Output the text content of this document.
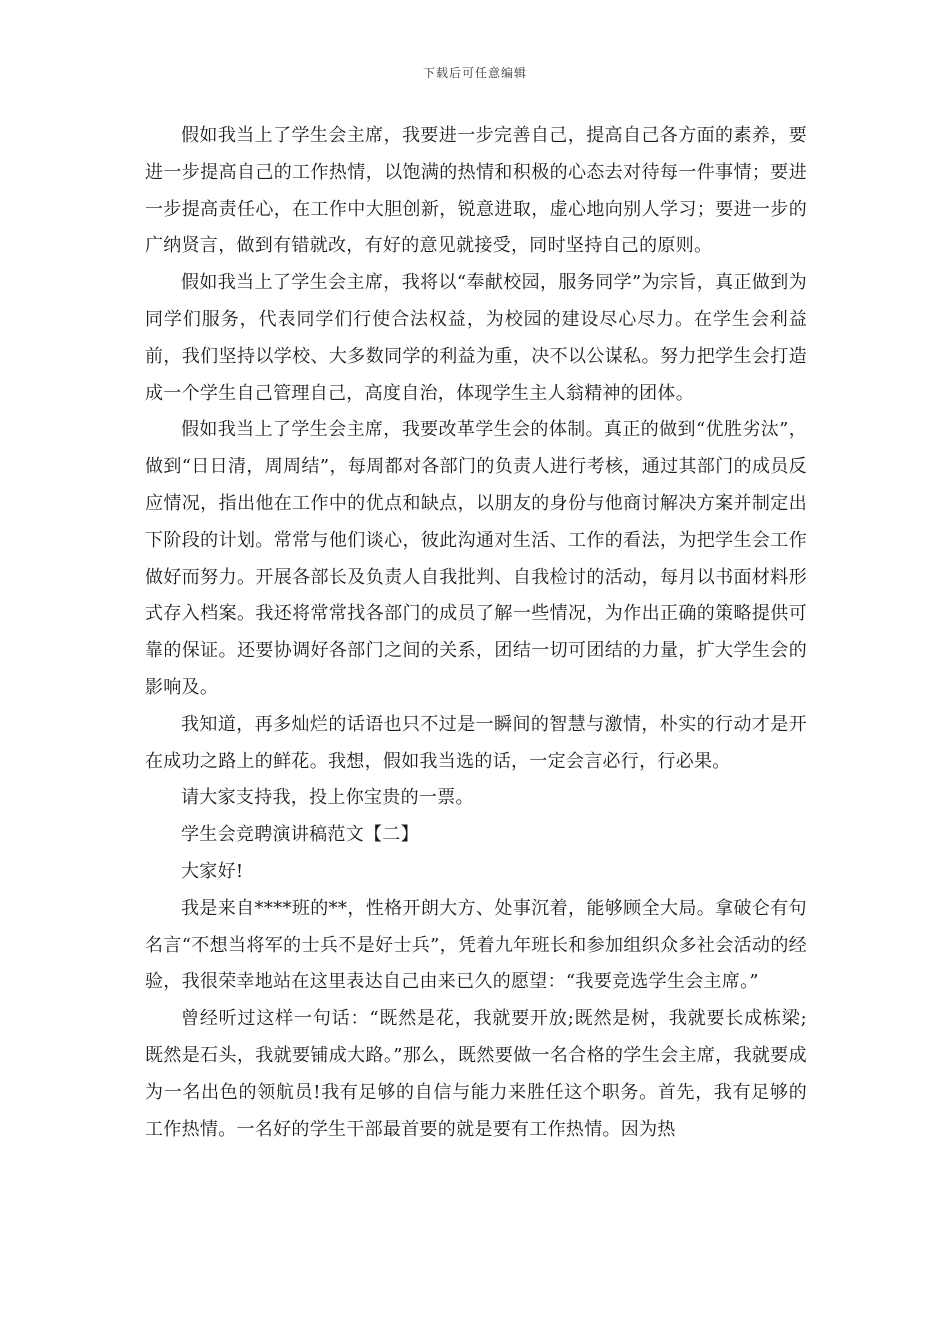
下载后可任意编辑

假如我当上了学生会主席，我要进一步完善自己，提高自己各方面的素养，要进一步提高自己的工作热情，以饱满的热情和积极的心态去对待每一件事情；要进一步提高责任心，在工作中大胆创新，锐意进取，虚心地向别人学习；要进一步的广纳贤言，做到有错就改，有好的意见就接受，同时坚持自己的原则。

假如我当上了学生会主席，我将以“奉献校园，服务同学”为宗旨，真正做到为同学们服务，代表同学们行使合法权益，为校园的建设尽心尽力。在学生会利益前，我们坚持以学校、大多数同学的利益为重，决不以公谋私。努力把学生会打造成一个学生自己管理自己，高度自治，体现学生主人翁精神的团体。

假如我当上了学生会主席，我要改革学生会的体制。真正的做到“优胜劣汰”，做到“日日清，周周结”，每周都对各部门的负责人进行考核，通过其部门的成员反应情况，指出他在工作中的优点和缺点，以朋友的身份与他商讨解决方案并制定出下阶段的计划。常常与他们谈心，彼此沟通对生活、工作的看法，为把学生会工作做好而努力。开展各部长及负责人自我批判、自我检讨的活动，每月以书面材料形式存入档案。我还将常常找各部门的成员了解一些情况，为作出正确的策略提供可靠的保证。还要协调好各部门之间的关系，团结一切可团结的力量，扩大学生会的影响及。

我知道，再多灿烂的话语也只不过是一瞬间的智慧与激情，朴实的行动才是开在成功之路上的鲜花。我想，假如我当选的话，一定会言必行，行必果。

请大家支持我，投上你宝贵的一票。

学生会竞聘演讲稿范文【二】

大家好!

我是来自****班的**，性格开朗大方、处事沉着，能够顾全大局。拿破仑有句名言“不想当将军的士兵不是好士兵”，凭着九年班长和参加组织众多社会活动的经验，我很荣幸地站在这里表达自己由来已久的愿望：“我要竞选学生会主席。”

曾经听过这样一句话：“既然是花，我就要开放;既然是树，我就要长成栋梁;既然是石头，我就要铺成大路。”那么，既然要做一名合格的学生会主席，我就要成为一名出色的领航员!我有足够的自信与能力来胜任这个职务。首先，我有足够的工作热情。一名好的学生干部最首要的就是要有工作热情。因为热
